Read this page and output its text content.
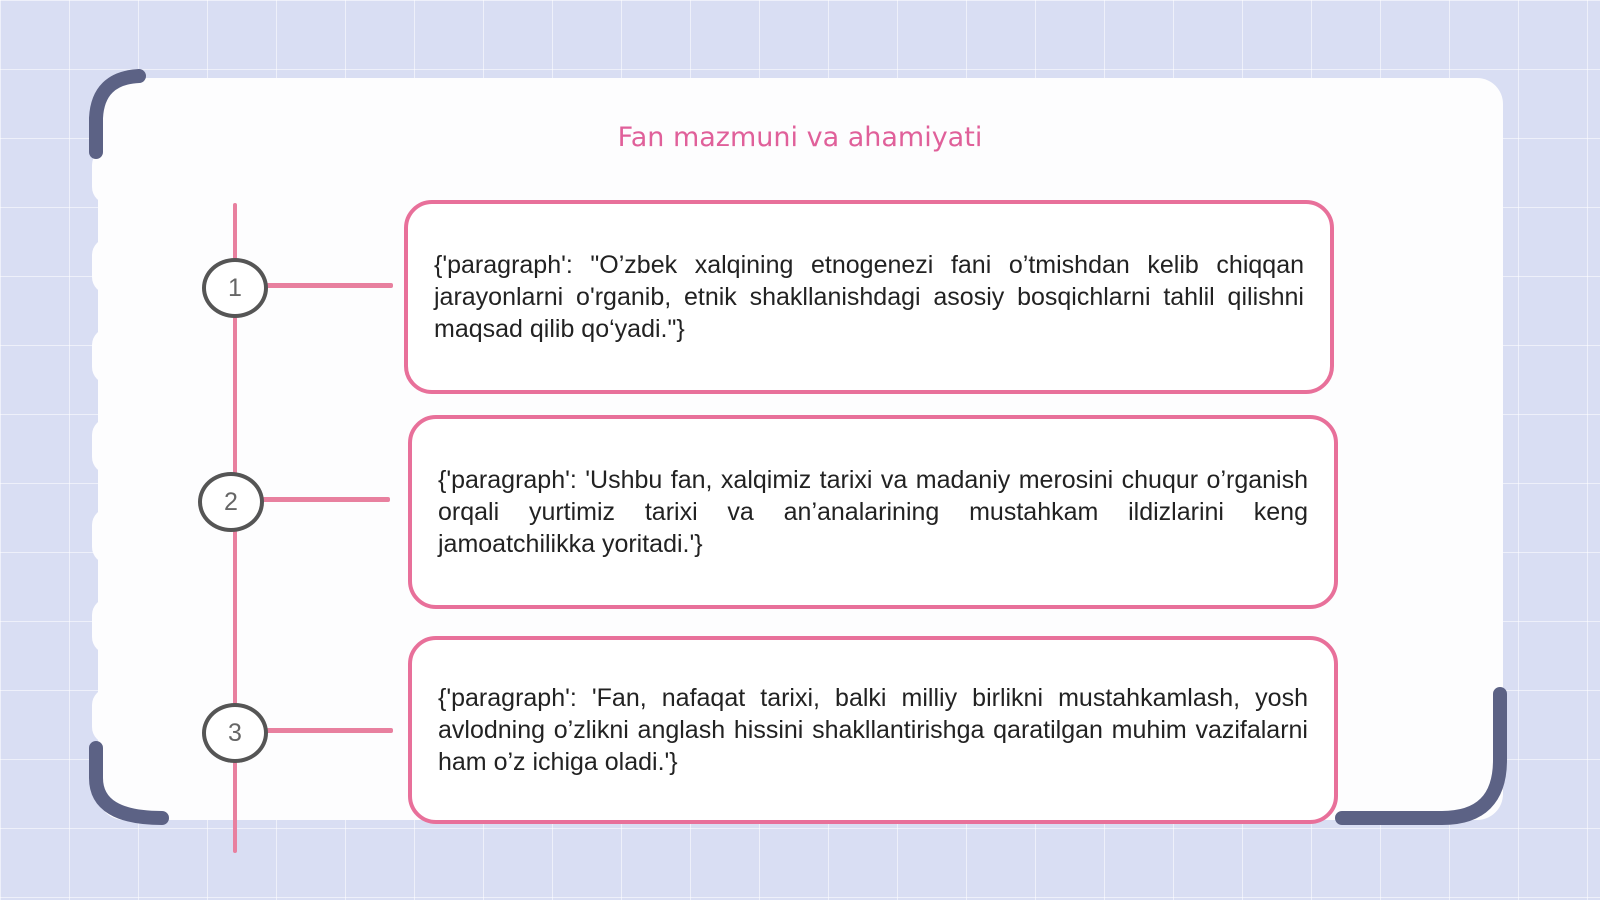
Fan mazmuni va ahamiyati
1
2
3

{'paragraph': "O’zbek xalqining etnogenezi fani o’tmishdan kelib chiqqan jarayonlarni o'rganib, etnik shakllanishdagi asosiy bosqichlarni tahlil qilishni maqsad qilib qo‘yadi."}

{'paragraph': 'Ushbu fan, xalqimiz tarixi va madaniy merosini chuqur o’rganish orqali yurtimiz tarixi va an’analarining mustahkam ildizlarini keng jamoatchilikka yoritadi.'}

{'paragraph': 'Fan, nafaqat tarixi, balki milliy birlikni mustahkamlash, yosh avlodning o’zlikni anglash hissini shakllantirishga qaratilgan muhim vazifalarni ham o’z ichiga oladi.'}
